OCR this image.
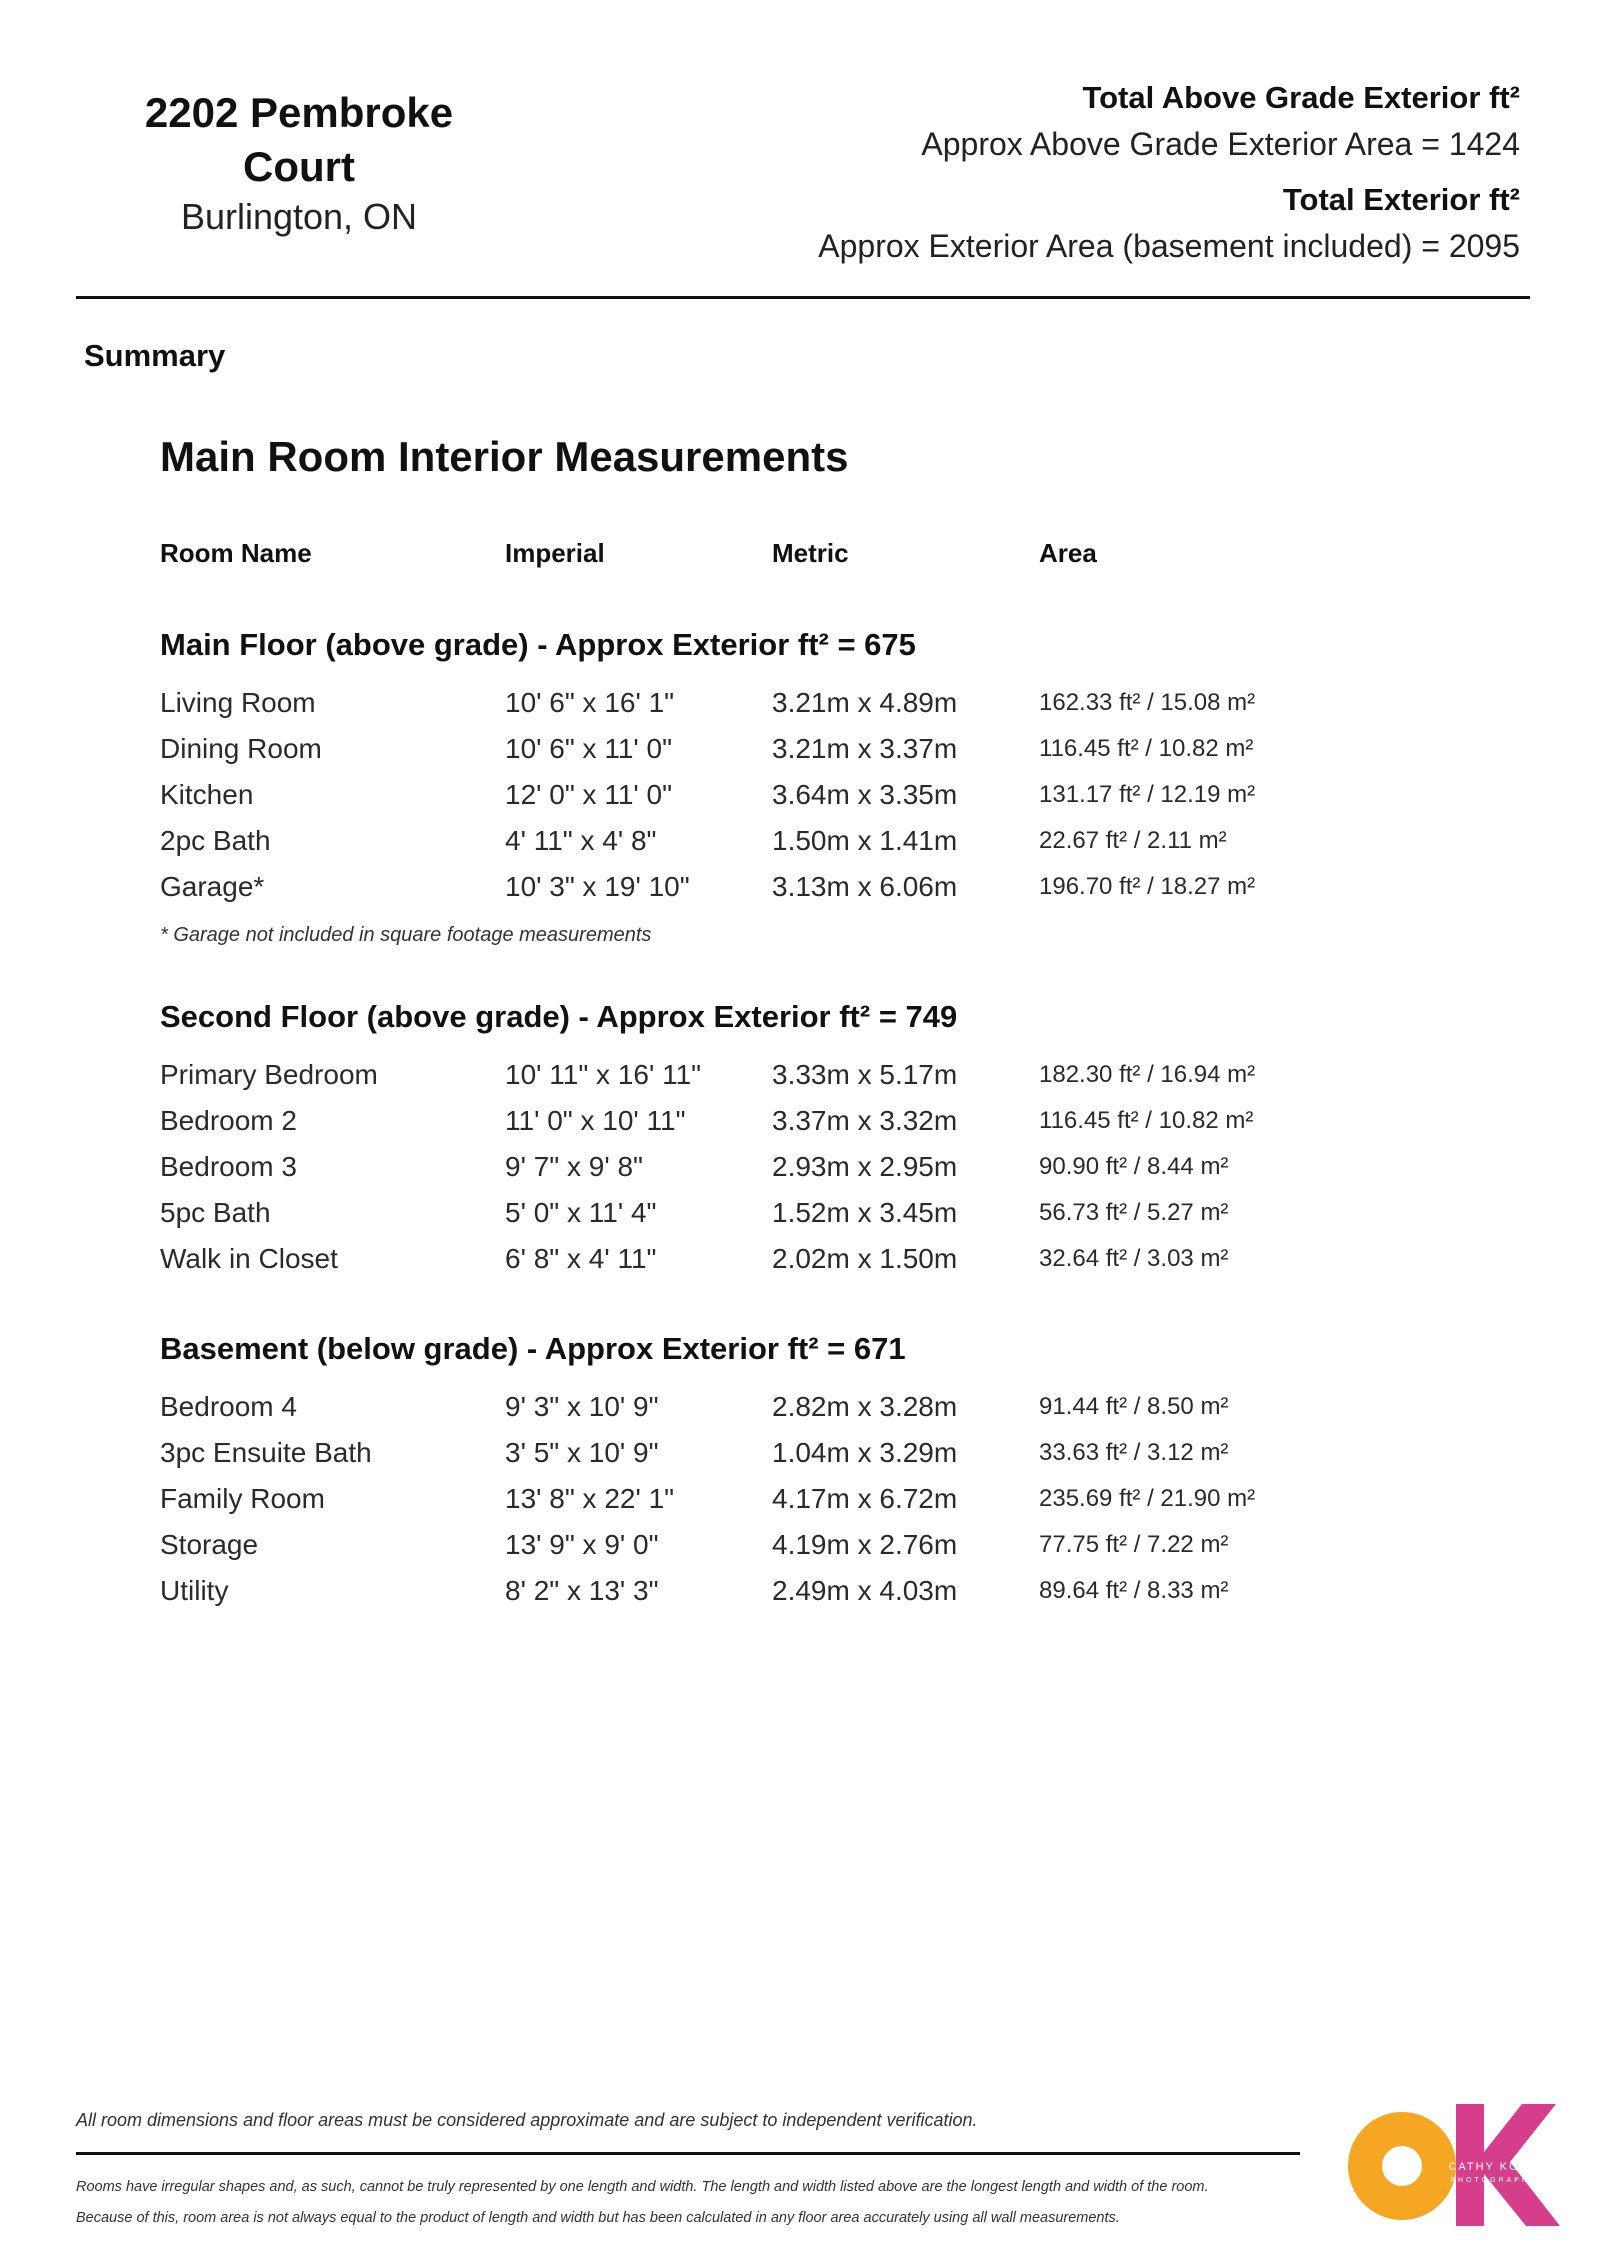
2202 Pembroke Court
Burlington, ON
Total Above Grade Exterior ft²
Approx Above Grade Exterior Area = 1424
Total Exterior ft²
Approx Exterior Area (basement included) = 2095
Summary
Main Room Interior Measurements
Room Name	Imperial	Metric	Area
Main Floor (above grade) - Approx Exterior ft² = 675
Living Room	10' 6" x 16' 1"	3.21m x 4.89m	162.33 ft² / 15.08 m²
Dining Room	10' 6" x 11' 0"	3.21m x 3.37m	116.45 ft² / 10.82 m²
Kitchen	12' 0" x 11' 0"	3.64m x 3.35m	131.17 ft² / 12.19 m²
2pc Bath	4' 11" x 4' 8"	1.50m x 1.41m	22.67 ft² / 2.11 m²
Garage*	10' 3" x 19' 10"	3.13m x 6.06m	196.70 ft² / 18.27 m²
* Garage not included in square footage measurements
Second Floor (above grade) - Approx Exterior ft² = 749
Primary Bedroom	10' 11" x 16' 11"	3.33m x 5.17m	182.30 ft² / 16.94 m²
Bedroom 2	11' 0" x 10' 11"	3.37m x 3.32m	116.45 ft² / 10.82 m²
Bedroom 3	9' 7" x 9' 8"	2.93m x 2.95m	90.90 ft² / 8.44 m²
5pc Bath	5' 0" x 11' 4"	1.52m x 3.45m	56.73 ft² / 5.27 m²
Walk in Closet	6' 8" x 4' 11"	2.02m x 1.50m	32.64 ft² / 3.03 m²
Basement (below grade) - Approx Exterior ft² = 671
Bedroom 4	9' 3" x 10' 9"	2.82m x 3.28m	91.44 ft² / 8.50 m²
3pc Ensuite Bath	3' 5" x 10' 9"	1.04m x 3.29m	33.63 ft² / 3.12 m²
Family Room	13' 8" x 22' 1"	4.17m x 6.72m	235.69 ft² / 21.90 m²
Storage	13' 9" x 9' 0"	4.19m x 2.76m	77.75 ft² / 7.22 m²
Utility	8' 2" x 13' 3"	2.49m x 4.03m	89.64 ft² / 8.33 m²
All room dimensions and floor areas must be considered approximate and are subject to independent verification.
Rooms have irregular shapes and, as such, cannot be truly represented by one length and width. The length and width listed above are the longest length and width of the room.
Because of this, room area is not always equal to the product of length and width but has been calculated in any floor area accurately using all wall measurements.
CATHY KOOP
PHOTOGRAPHY
